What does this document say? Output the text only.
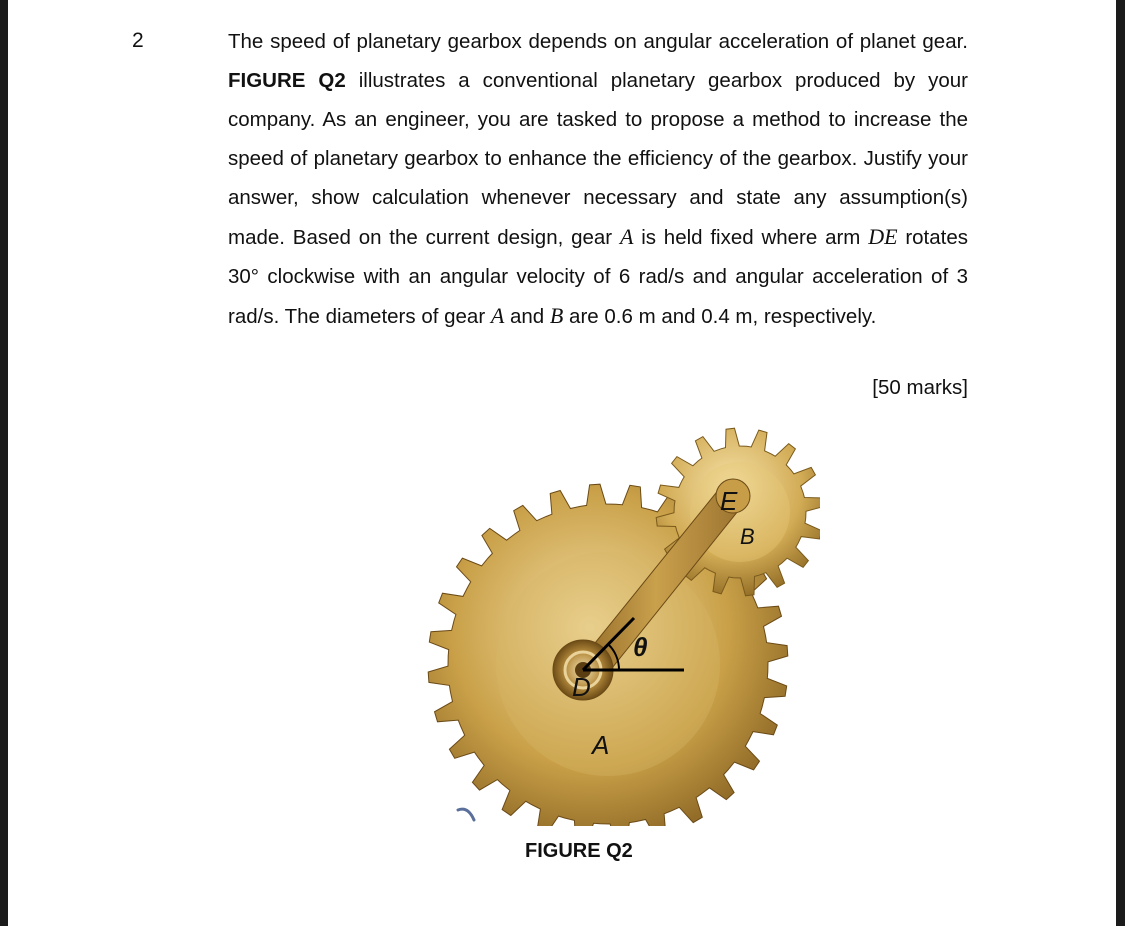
2	The speed of planetary gearbox depends on angular acceleration of planet gear. FIGURE Q2 illustrates a conventional planetary gearbox produced by your company. As an engineer, you are tasked to propose a method to increase the speed of planetary gearbox to enhance the efficiency of the gearbox. Justify your answer, show calculation whenever necessary and state any assumption(s) made. Based on the current design, gear A is held fixed where arm DE rotates 30° clockwise with an angular velocity of 6 rad/s and angular acceleration of 3 rad/s. The diameters of gear A and B are 0.6 m and 0.4 m, respectively.
[50 marks]
E
B
θ
D
A
FIGURE Q2
